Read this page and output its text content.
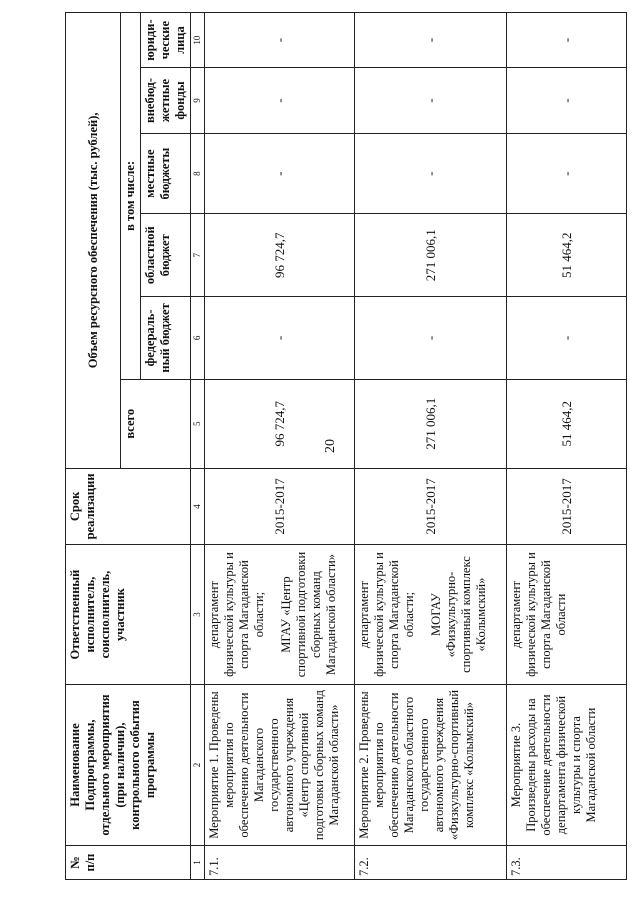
20
№ п/п	Наименование Подпрограммы, отдельного мероприятия (при наличии), контрольного события программы	Ответственный исполнитель, соисполнитель, участник	Срок реализации	Объем ресурсного обеспечения (тыс. рублей),					
				всего	в том числе:				
					федераль-ный бюджет	областной бюджет	местные бюджеты	внебюд-жетные фонды	юриди-ческие лица
1	2	3	4	5	6	7	8	9	10
7.1.	Мероприятие 1. Проведены мероприятия по обеспечению деятельности Магаданского государственного автономного учреждения «Центр спортивной подготовки сборных команд Магаданской области»	департамент физической культуры и спорта Магаданской области; МГАУ «Центр спортивной подготовки сборных команд Магаданской области»	2015-2017	96 724,7	-	96 724,7	-	-	-
7.2.	Мероприятие 2. Проведены мероприятия по обеспечению деятельности Магаданского областного государственного автономного учреждения «Физкультурно-спортивный комплекс «Колымский»	департамент физической культуры и спорта Магаданской области; МОГАУ «Физкультурно-спортивный комплекс «Колымский»	2015-2017	271 006,1	-	271 006,1	-	-	-
7.3.	Мероприятие 3. Произведены расходы на обеспечение деятельности департамента физической культуры и спорта Магаданской области	департамент физической культуры и спорта Магаданской области	2015-2017	51 464,2	-	51 464,2	-	-	-
